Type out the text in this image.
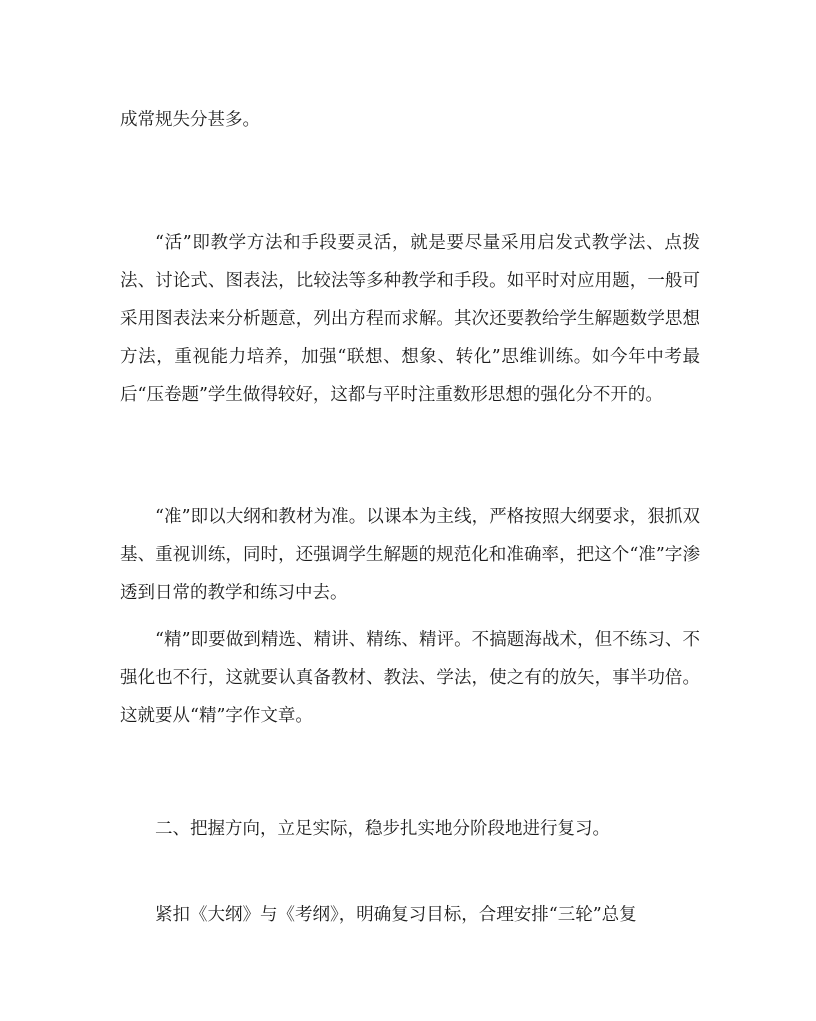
成常规失分甚多。

“活”即教学方法和手段要灵活，就是要尽量采用启发式教学法、点拨法、讨论式、图表法，比较法等多种教学和手段。如平时对应用题，一般可采用图表法来分析题意，列出方程而求解。其次还要教给学生解题数学思想方法，重视能力培养，加强“联想、想象、转化”思维训练。如今年中考最后“压卷题”学生做得较好，这都与平时注重数形思想的强化分不开的。

“准”即以大纲和教材为准。以课本为主线，严格按照大纲要求，狠抓双基、重视训练，同时，还强调学生解题的规范化和准确率，把这个“准”字渗透到日常的教学和练习中去。

“精”即要做到精选、精讲、精练、精评。不搞题海战术，但不练习、不强化也不行，这就要认真备教材、教法、学法，使之有的放矢，事半功倍。这就要从“精”字作文章。

二、把握方向，立足实际，稳步扎实地分阶段地进行复习。

紧扣《大纲》与《考纲》，明确复习目标，合理安排“三轮”总复
